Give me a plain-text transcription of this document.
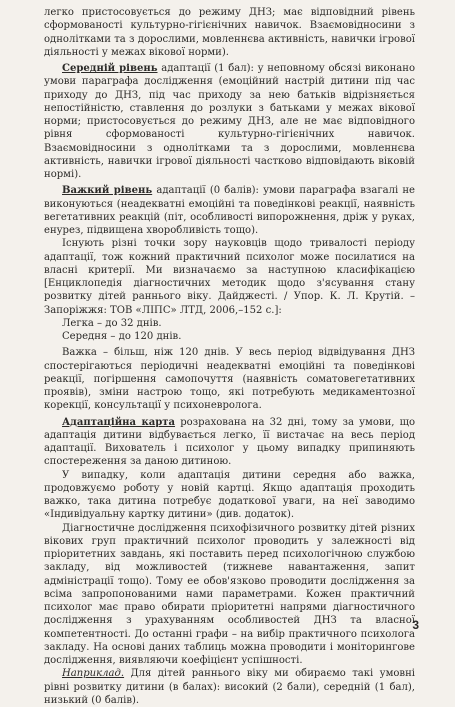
легко пристосовується до режиму ДНЗ; має відповідний рівень сформованості культурно-гігієнічних навичок. Взаємовідносини з однолітками та з дорослими, мовленнєва активність, навички ігрової діяльності у межах вікової норми).

Середній рівень адаптації (1 бал): у неповному обсязі виконано умови параграфа дослідження (емоційний настрій дитини під час приходу до ДНЗ, під час приходу за нею батьків відрізняється непостійністю, ставлення до розлуки з батьками у межах вікової норми; пристосовується до режиму ДНЗ, але не має відповідного рівня сформованості культурно-гігієнічних навичок. Взаємовідносини з однолітками та з дорослими, мовленнєва активність, навички ігрової діяльності частково відповідають віковій нормі).

Важкий рівень адаптації (0 балів): умови параграфа взагалі не виконуються (неадекватні емоційні та поведінкові реакції, наявність вегетативних реакцій (піт, особливості випорожнення, дріж у руках, енурез, підвищена хворобливість тощо).

Існують різні точки зору науковців щодо тривалості періоду адаптації, тож кожний практичний психолог може посилатися на власні критерії. Ми визначаємо за наступною класифікацією [Енциклопедія діагностичних методик щодо з'ясування стану розвитку дітей раннього віку. Дайджесті. / Упор. К. Л. Крутій. – Запоріжжя: ТОВ «ЛІПС» ЛТД, 2006,–152 с.]:

Легка – до 32 днів.

Середня – до 120 днів.

Важка – більш, ніж 120 днів. У весь період відвідування ДНЗ спостерігаються періодичні неадекватні емоційні та поведінкові реакції, погіршення самопочуття (наявність соматовегетативних проявів), зміни настрою тощо, які потребують медикаментозної корекції, консультації у психоневролога.

Адаптаційна карта розрахована на 32 дні, тому за умови, що адаптація дитини відбувається легко, її вистачає на весь період адаптації. Вихователь і психолог у цьому випадку припиняють спостереження за даною дитиною.

У випадку, коли адаптація дитини середня або важка, продовжуємо роботу у новій картці. Якщо адаптація проходить важко, така дитина потребує додаткової уваги, на неї заводимо «Індивідуальну картку дитини» (див. додаток).

Діагностичне дослідження психофізичного розвитку дітей різних вікових груп практичний психолог проводить у залежності від пріоритетних завдань, які поставить перед психологічною службою закладу, від можливостей (тижневе навантаження, запит адміністрації тощо). Тому ее обов'язково проводити дослідження за всіма запропонованими нами параметрами. Кожен практичний психолог має право обирати пріоритетні напрями діагностичного дослідження з урахуванням особливостей ДНЗ та власної компетентності. До останні графи – на вибір практичного психолога закладу. На основі даних таблиць можна проводити і моніторингове дослідження, виявляючи коефіцієнт успішності.

Наприклад. Для дітей раннього віку ми обираємо такі умовні рівні розвитку дитини (в балах): високий (2 бали), середній (1 бал), низький (0 балів).

3
